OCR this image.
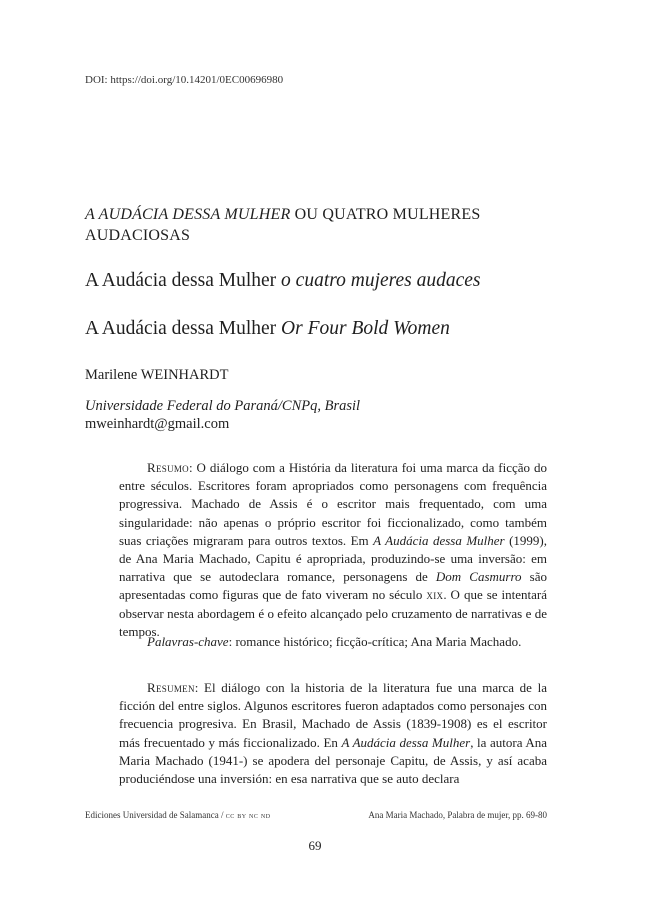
DOI: https://doi.org/10.14201/0EC00696980
A AUDÁCIA DESSA MULHER OU QUATRO MULHERES AUDACIOSAS
A Audácia dessa Mulher o cuatro mujeres audaces
A Audácia dessa Mulher Or Four Bold Women
Marilene WEINHARDT
Universidade Federal do Paraná/CNPq, Brasil
mweinhardt@gmail.com

Resumo: O diálogo com a História da literatura foi uma marca da ficção do entre séculos. Escritores foram apropriados como personagens com frequência progressiva. Machado de Assis é o escritor mais frequentado, com uma singularidade: não apenas o próprio escritor foi ficcionalizado, como também suas criações migraram para outros textos. Em A Audácia dessa Mulher (1999), de Ana Maria Machado, Capitu é apropriada, produzindo-se uma inversão: em narrativa que se autodeclara romance, personagens de Dom Casmurro são apresentadas como figuras que de fato viveram no século xix. O que se intentará observar nesta abordagem é o efeito alcançado pelo cruzamento de narrativas e de tempos.

Palavras-chave: romance histórico; ficção-crítica; Ana Maria Machado.

Resumen: El diálogo con la historia de la literatura fue una marca de la ficción del entre siglos. Algunos escritores fueron adaptados como personajes con frecuencia progresiva. En Brasil, Machado de Assis (1839-1908) es el escritor más frecuentado y más ficcionalizado. En A Audácia dessa Mulher, la autora Ana Maria Machado (1941-) se apodera del personaje Capitu, de Assis, y así acaba produciéndose una inversión: en esa narrativa que se auto declara

Ediciones Universidad de Salamanca / cc by nc nd	Ana Maria Machado, Palabra de mujer, pp. 69-80
69
